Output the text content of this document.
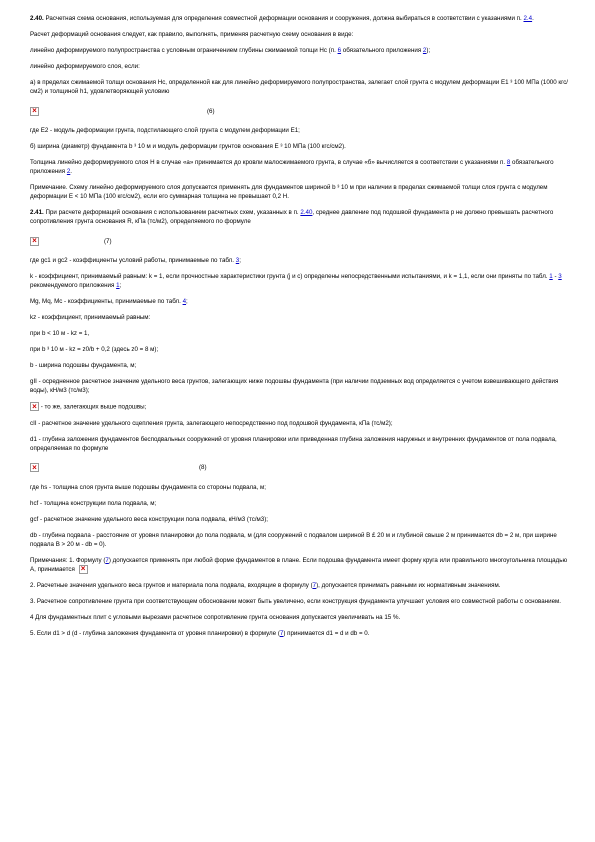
2.40. Расчетная схема основания, используемая для определения совместной деформации основания и сооружения, должна выбираться в соответствии с указаниями п. 2.4.

Расчет деформаций основания следует, как правило, выполнять, применяя расчетную схему основания в виде:

линейно деформируемого полупространства с условным ограничением глубины сжимаемой толщи Нс (п. 6 обязательного приложения 2);

линейно деформируемого слоя, если:

а) в пределах сжимаемой толщи основания Нс, определенной как для линейно деформируемого полупространства, залегает слой грунта с модулем деформации Е1 ³ 100 МПа (1000 кгс/см2) и толщиной h1, удовлетворяющей условию

×	(6)

где Е2 - модуль деформации грунта, подстилающего слой грунта с модулем деформации Е1;

б) ширина (диаметр) фундамента b ³ 10 м и модуль деформации грунтов основания Е ³ 10 МПа (100 кгс/см2).

Толщина линейно деформируемого слоя Н в случае «а» принимается до кровли малосжимаемого грунта, в случае «б» вычисляется в соответствии с указаниями п. 8 обязательного приложения 2.

Примечание. Схему линейно деформируемого слоя допускается применять для фундаментов шириной b ³ 10 м при наличии в пределах сжимаемой толщи слоя грунта с модулем деформации Е < 10 МПа (100 кгс/см2), если его суммарная толщина не превышает 0,2 Н.

2.41. При расчете деформаций основания с использованием расчетных схем, указанных в п. 2.40, среднее давление под подошвой фундамента р не должно превышать расчетного сопротивления грунта основания R, кПа (тс/м2), определяемого по формуле

×	(7)

где gс1 и gс2 - коэффициенты условий работы, принимаемые по табл. 3;

k - коэффициент, принимаемый равным: k = 1, если прочностные характеристики грунта (j и с) определены непосредственными испытаниями, и k = 1,1, если они приняты по табл. 1 - 3 рекомендуемого приложения 1;

Mg, Mq, Mc - коэффициенты, принимаемые по табл. 4;

kz - коэффициент, принимаемый равным:

при b < 10 м - kz = 1,

при b ³ 10 м - kz = z0/b + 0,2 (здесь z0 = 8 м);

b - ширина подошвы фундамента, м;

gII - осредненное расчетное значение удельного веса грунтов, залегающих ниже подошвы фундамента (при наличии подземных вод определяется с учетом взвешивающего действия воды), кН/м3 (тс/м3);

× - то же, залегающих выше подошвы;

cII - расчетное значение удельного сцепления грунта, залегающего непосредственно под подошвой фундамента, кПа (тс/м2);

d1 - глубина заложения фундаментов бесподвальных сооружений от уровня планировки или приведенная глубина заложения наружных и внутренних фундаментов от пола подвала, определяемая по формуле

×	(8)

где hs - толщина слоя грунта выше подошвы фундамента со стороны подвала, м;

hcf - толщина конструкции пола подвала, м;

gcf - расчетное значение удельного веса конструкции пола подвала, кН/м3 (тс/м3);

db - глубина подвала - расстояние от уровня планировки до пола подвала, м (для сооружений с подвалом шириной В £ 20 м и глубиной свыше 2 м принимается db = 2 м, при ширине подвала В > 20 м - db = 0).

Примечания: 1. Формулу (7) допускается применять при любой форме фундаментов в плане. Если подошва фундамента имеет форму круга или правильного многоугольника площадью А, принимается ×

2. Расчетные значения удельного веса грунтов и материала пола подвала, входящие в формулу (7), допускается принимать равными их нормативным значениям.

3. Расчетное сопротивление грунта при соответствующем обосновании может быть увеличено, если конструкция фундамента улучшает условия его совместной работы с основанием.

4 Для фундаментных плит с угловыми вырезами расчетное сопротивление грунта основания допускается увеличивать на 15 %.

5. Если d1 > d (d - глубина заложения фундамента от уровня планировки) в формуле (7) принимается d1 = d и db = 0.
